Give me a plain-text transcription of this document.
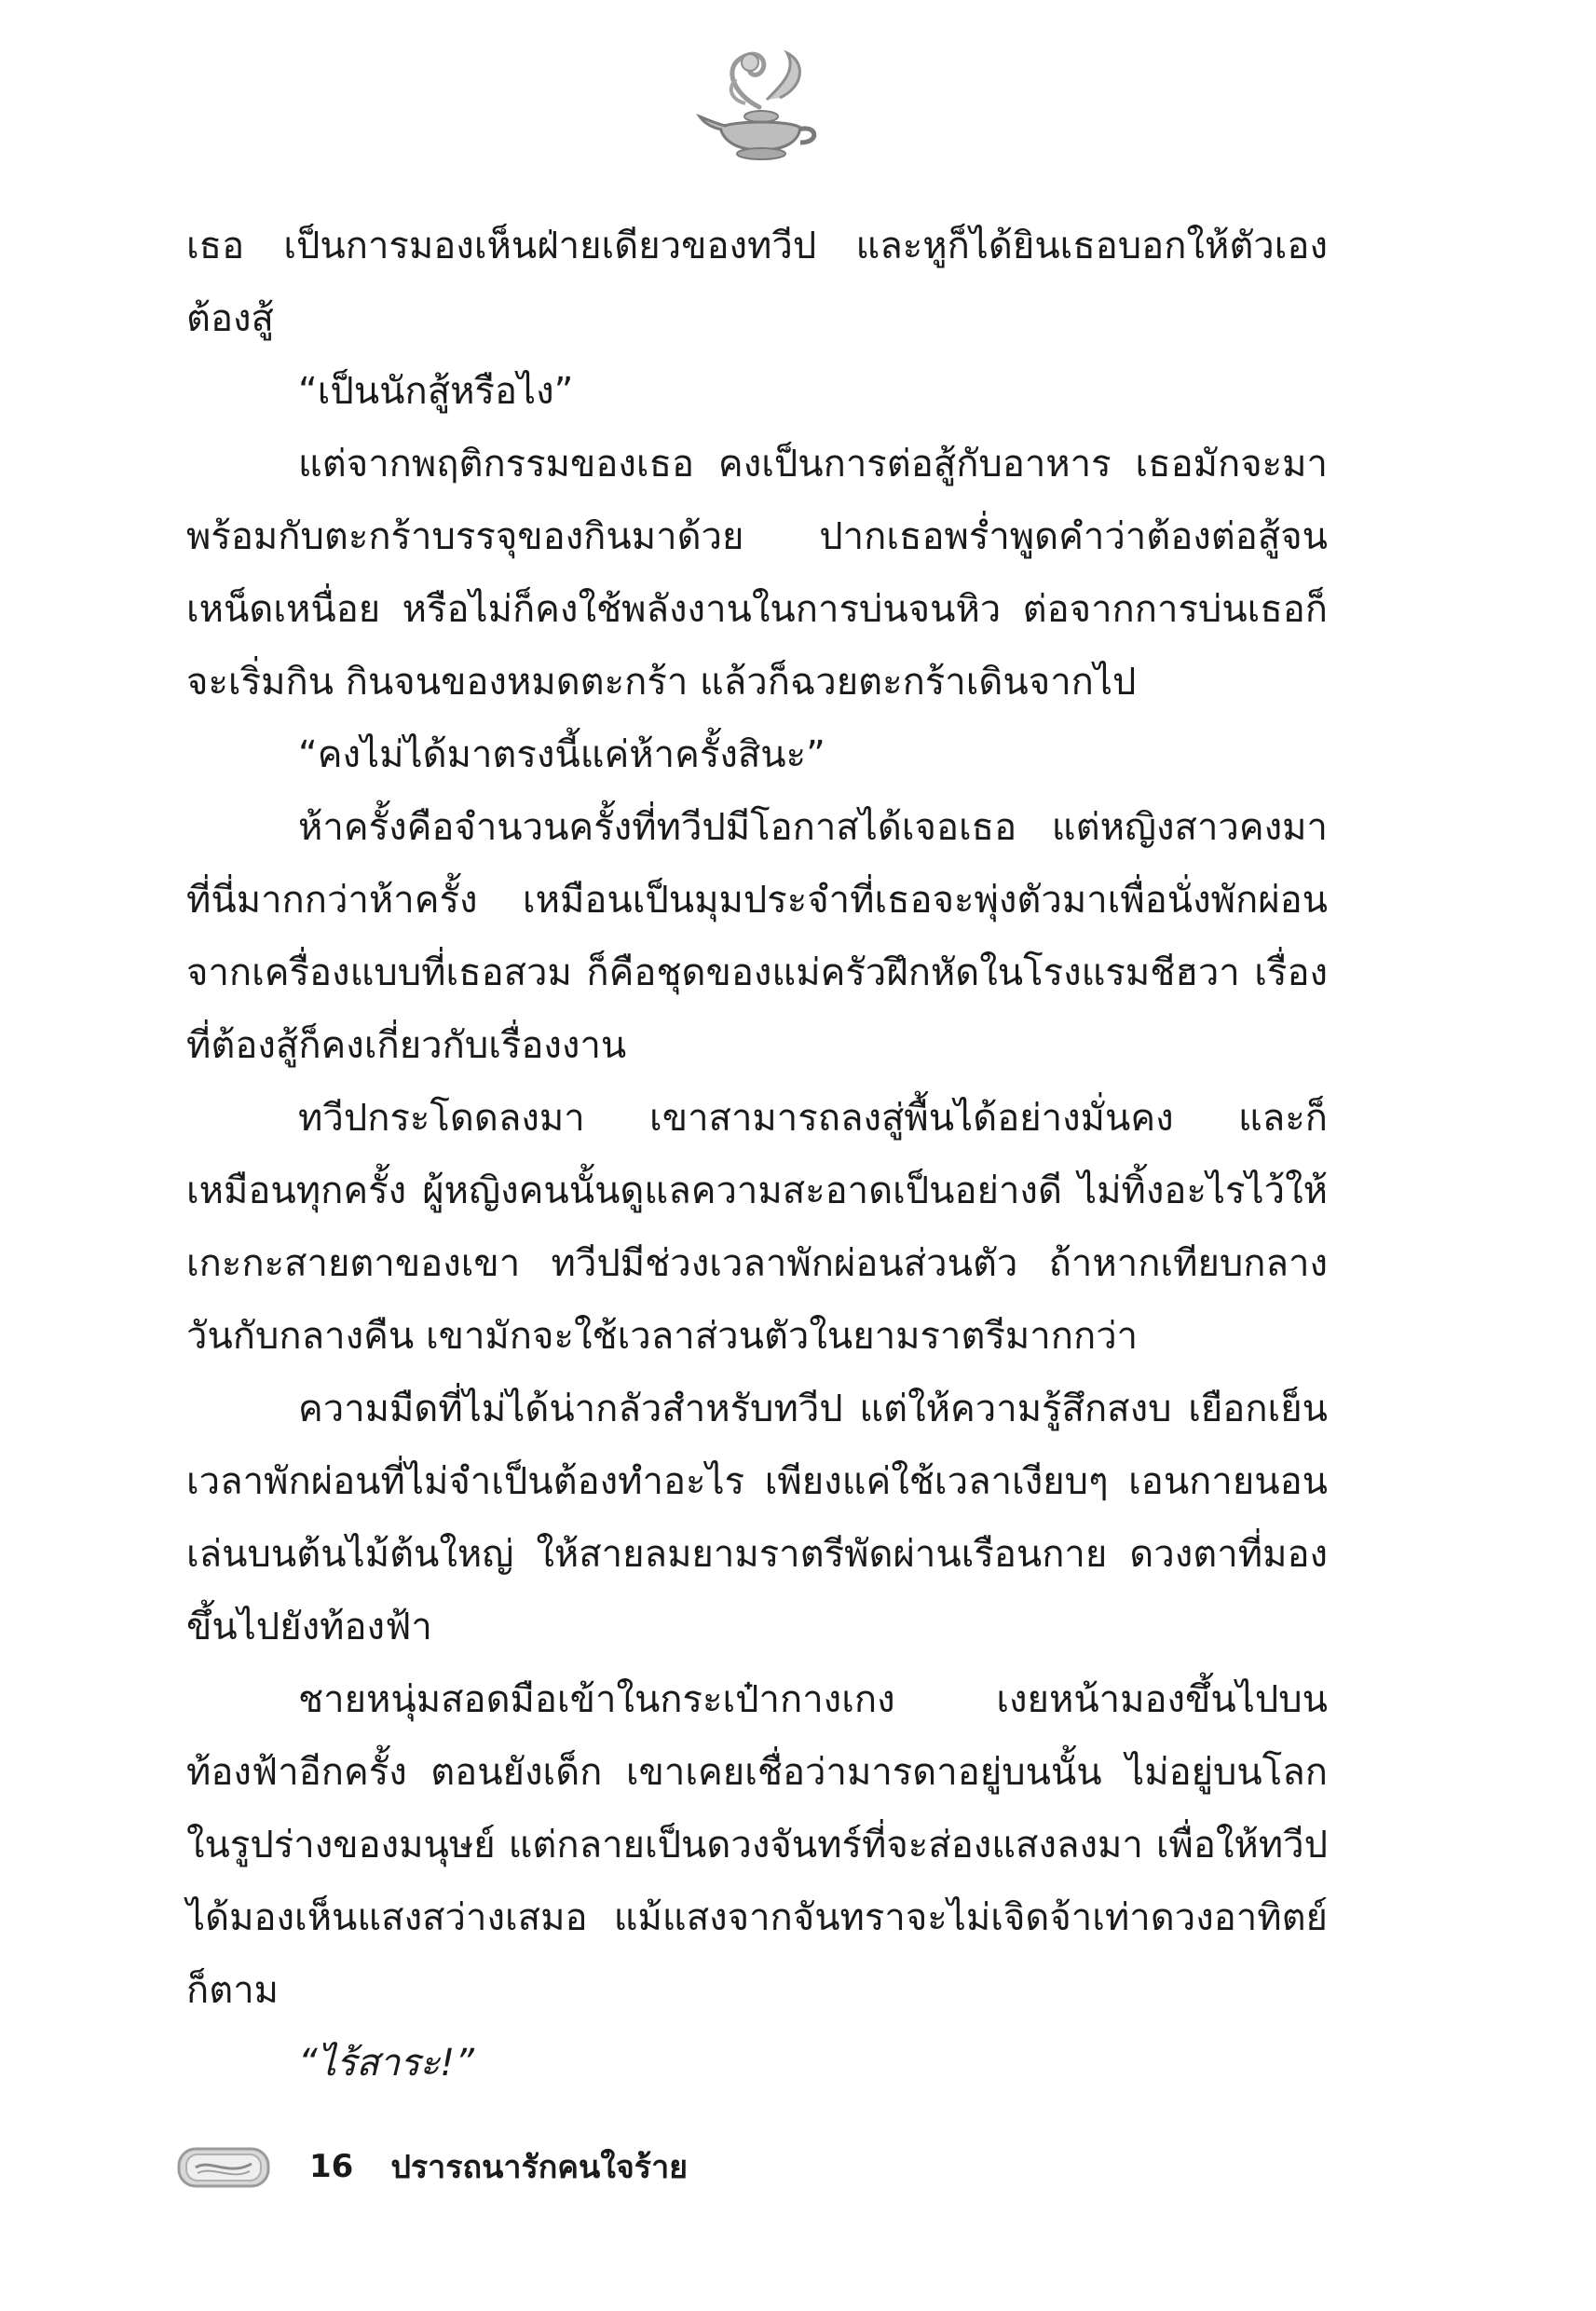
เธอ เป็นการมองเห็นฝ่ายเดียวของทวีป และหูก็ได้ยินเธอบอกให้ตัวเองต้องสู้

“เป็นนักสู้หรือไง”

แต่จากพฤติกรรมของเธอ คงเป็นการต่อสู้กับอาหาร เธอมักจะมาพร้อมกับตะกร้าบรรจุของกินมาด้วย ปากเธอพร่ำพูดคำว่าต้องต่อสู้จนเหน็ดเหนื่อย หรือไม่ก็คงใช้พลังงานในการบ่นจนหิว ต่อจากการบ่นเธอก็จะเริ่มกิน กินจนของหมดตะกร้า แล้วก็ฉวยตะกร้าเดินจากไป

“คงไม่ได้มาตรงนี้แค่ห้าครั้งสินะ”

ห้าครั้งคือจำนวนครั้งที่ทวีปมีโอกาสได้เจอเธอ แต่หญิงสาวคงมาที่นี่มากกว่าห้าครั้ง เหมือนเป็นมุมประจำที่เธอจะพุ่งตัวมาเพื่อนั่งพักผ่อน จากเครื่องแบบที่เธอสวม ก็คือชุดของแม่ครัวฝึกหัดในโรงแรมชีฮวา เรื่องที่ต้องสู้ก็คงเกี่ยวกับเรื่องงาน

ทวีปกระโดดลงมา เขาสามารถลงสู่พื้นได้อย่างมั่นคง และก็เหมือนทุกครั้ง ผู้หญิงคนนั้นดูแลความสะอาดเป็นอย่างดี ไม่ทิ้งอะไรไว้ให้เกะกะสายตาของเขา ทวีปมีช่วงเวลาพักผ่อนส่วนตัว ถ้าหากเทียบกลางวันกับกลางคืน เขามักจะใช้เวลาส่วนตัวในยามราตรีมากกว่า

ความมืดที่ไม่ได้น่ากลัวสำหรับทวีป แต่ให้ความรู้สึกสงบ เยือกเย็นเวลาพักผ่อนที่ไม่จำเป็นต้องทำอะไร เพียงแค่ใช้เวลาเงียบๆ เอนกายนอนเล่นบนต้นไม้ต้นใหญ่ ให้สายลมยามราตรีพัดผ่านเรือนกาย ดวงตาที่มองขึ้นไปยังท้องฟ้า

ชายหนุ่มสอดมือเข้าในกระเป๋ากางเกง เงยหน้ามองขึ้นไปบนท้องฟ้าอีกครั้ง ตอนยังเด็ก เขาเคยเชื่อว่ามารดาอยู่บนนั้น ไม่อยู่บนโลกในรูปร่างของมนุษย์ แต่กลายเป็นดวงจันทร์ที่จะส่องแสงลงมา เพื่อให้ทวีปได้มองเห็นแสงสว่างเสมอ แม้แสงจากจันทราจะไม่เจิดจ้าเท่าดวงอาทิตย์ก็ตาม

“ไร้สาระ!”

16 ปรารถนารักคนใจร้าย
